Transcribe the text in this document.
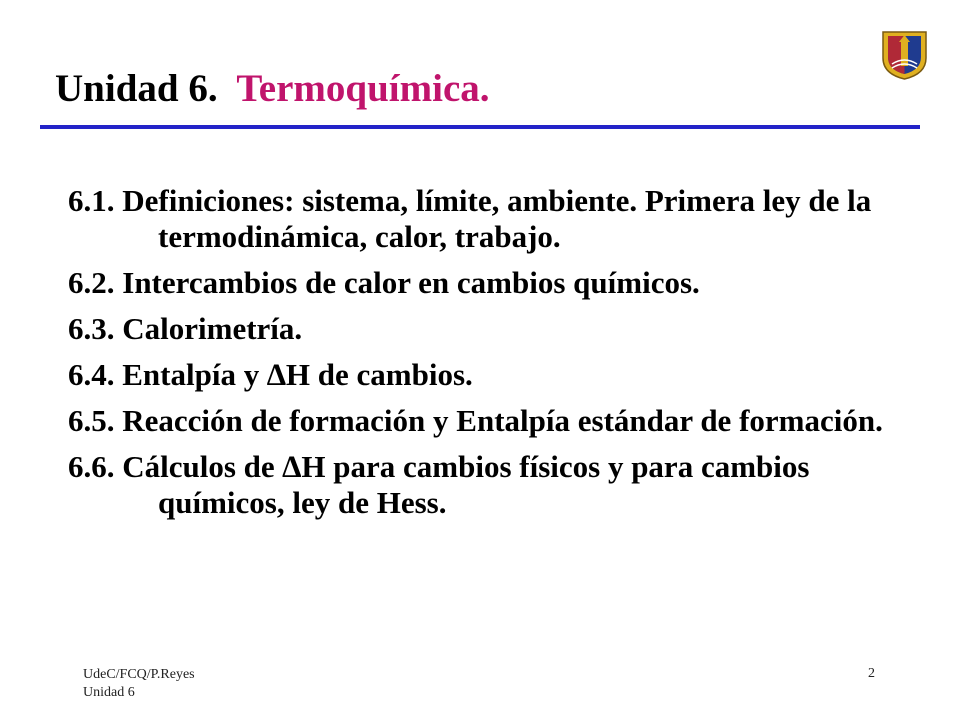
Unidad 6. Termoquímica.
6.1. Definiciones: sistema, límite, ambiente. Primera ley de la termodinámica, calor, trabajo.
6.2. Intercambios de calor en cambios químicos.
6.3. Calorimetría.
6.4. Entalpía y ∆H de cambios.
6.5. Reacción de formación y Entalpía estándar de formación.
6.6. Cálculos de ∆H para cambios físicos y para cambios químicos, ley de Hess.
UdeC/FCQ/P.Reyes
Unidad 6
2
